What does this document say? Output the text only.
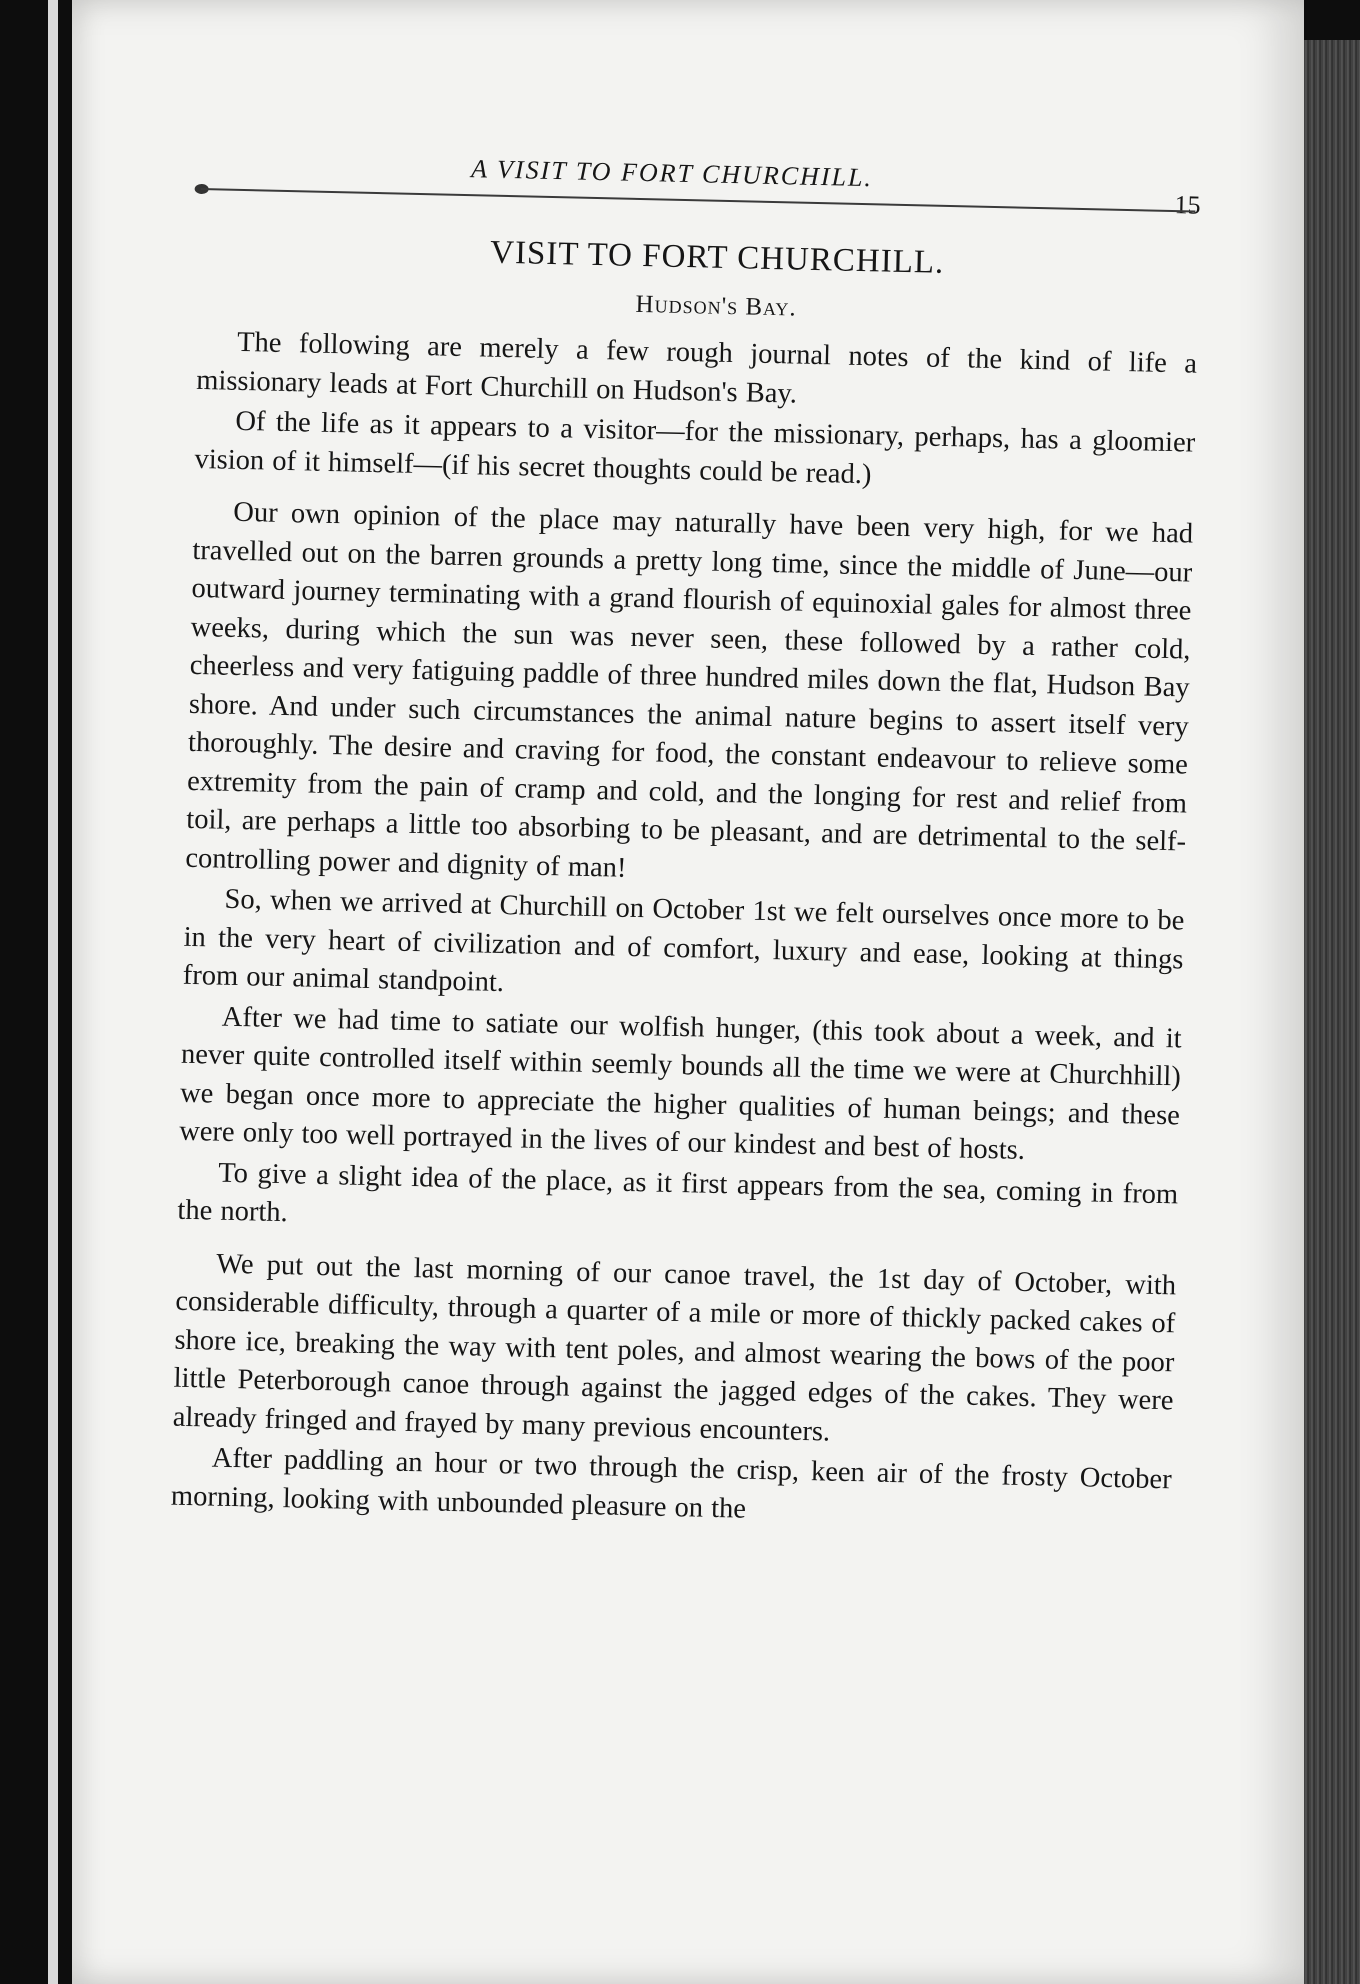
A VISIT TO FORT CHURCHILL.
15
VISIT TO FORT CHURCHILL.
Hudson's Bay.

The following are merely a few rough journal notes of the kind of life a missionary leads at Fort Churchill on Hudson's Bay.

Of the life as it appears to a visitor—for the missionary, perhaps, has a gloomier vision of it himself—(if his secret thoughts could be read.)

Our own opinion of the place may naturally have been very high, for we had travelled out on the barren grounds a pretty long time, since the middle of June—our outward journey terminating with a grand flourish of equinoxial gales for almost three weeks, during which the sun was never seen, these followed by a rather cold, cheerless and very fatiguing paddle of three hundred miles down the flat, Hudson Bay shore. And under such circumstances the animal nature begins to assert itself very thoroughly. The desire and craving for food, the constant endeavour to relieve some extremity from the pain of cramp and cold, and the longing for rest and relief from toil, are perhaps a little too absorbing to be pleasant, and are detrimental to the self-controlling power and dignity of man!

So, when we arrived at Churchill on October 1st we felt ourselves once more to be in the very heart of civilization and of comfort, luxury and ease, looking at things from our animal standpoint.

After we had time to satiate our wolfish hunger, (this took about a week, and it never quite controlled itself within seemly bounds all the time we were at Churchhill) we began once more to appreciate the higher qualities of human beings; and these were only too well portrayed in the lives of our kindest and best of hosts.

To give a slight idea of the place, as it first appears from the sea, coming in from the north.

We put out the last morning of our canoe travel, the 1st day of October, with considerable difficulty, through a quarter of a mile or more of thickly packed cakes of shore ice, breaking the way with tent poles, and almost wearing the bows of the poor little Peterborough canoe through against the jagged edges of the cakes. They were already fringed and frayed by many previous encounters.

After paddling an hour or two through the crisp, keen air of the frosty October morning, looking with unbounded pleasure on the
